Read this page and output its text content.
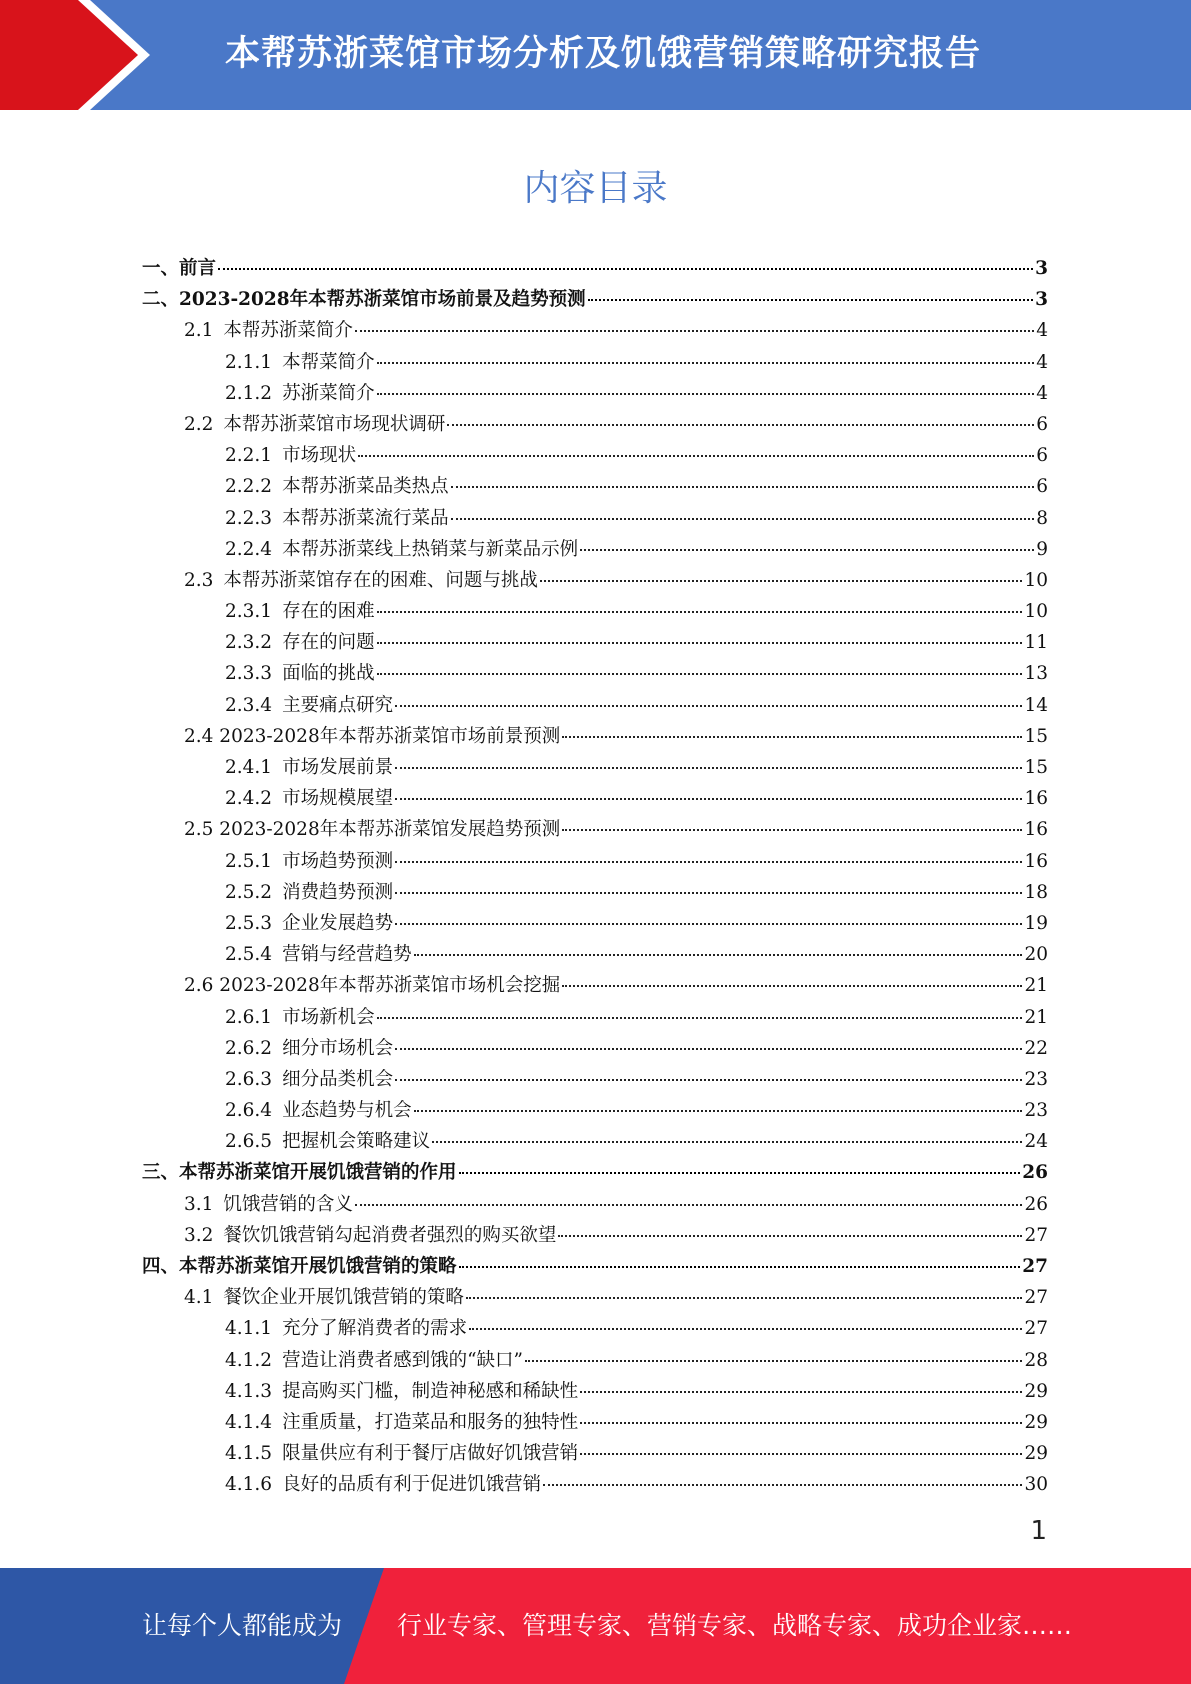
本帮苏浙菜馆市场分析及饥饿营销策略研究报告
内容目录
一、前言	3
二、2023-2028年本帮苏浙菜馆市场前景及趋势预测	3
2.1 本帮苏浙菜简介	4
2.1.1 本帮菜简介	4
2.1.2 苏浙菜简介	4
2.2 本帮苏浙菜馆市场现状调研	6
2.2.1 市场现状	6
2.2.2 本帮苏浙菜品类热点	6
2.2.3 本帮苏浙菜流行菜品	8
2.2.4 本帮苏浙菜线上热销菜与新菜品示例	9
2.3 本帮苏浙菜馆存在的困难、问题与挑战	10
2.3.1 存在的困难	10
2.3.2 存在的问题	11
2.3.3 面临的挑战	13
2.3.4 主要痛点研究	14
2.4 2023-2028年本帮苏浙菜馆市场前景预测	15
2.4.1 市场发展前景	15
2.4.2 市场规模展望	16
2.5 2023-2028年本帮苏浙菜馆发展趋势预测	16
2.5.1 市场趋势预测	16
2.5.2 消费趋势预测	18
2.5.3 企业发展趋势	19
2.5.4 营销与经营趋势	20
2.6 2023-2028年本帮苏浙菜馆市场机会挖掘	21
2.6.1 市场新机会	21
2.6.2 细分市场机会	22
2.6.3 细分品类机会	23
2.6.4 业态趋势与机会	23
2.6.5 把握机会策略建议	24
三、本帮苏浙菜馆开展饥饿营销的作用	26
3.1 饥饿营销的含义	26
3.2 餐饮饥饿营销勾起消费者强烈的购买欲望	27
四、本帮苏浙菜馆开展饥饿营销的策略	27
4.1 餐饮企业开展饥饿营销的策略	27
4.1.1 充分了解消费者的需求	27
4.1.2 营造让消费者感到饿的“缺口”	28
4.1.3 提高购买门槛，制造神秘感和稀缺性	29
4.1.4 注重质量，打造菜品和服务的独特性	29
4.1.5 限量供应有利于餐厅店做好饥饿营销	29
4.1.6 良好的品质有利于促进饥饿营销	30
1
让每个人都能成为 行业专家、管理专家、营销专家、战略专家、成功企业家……
